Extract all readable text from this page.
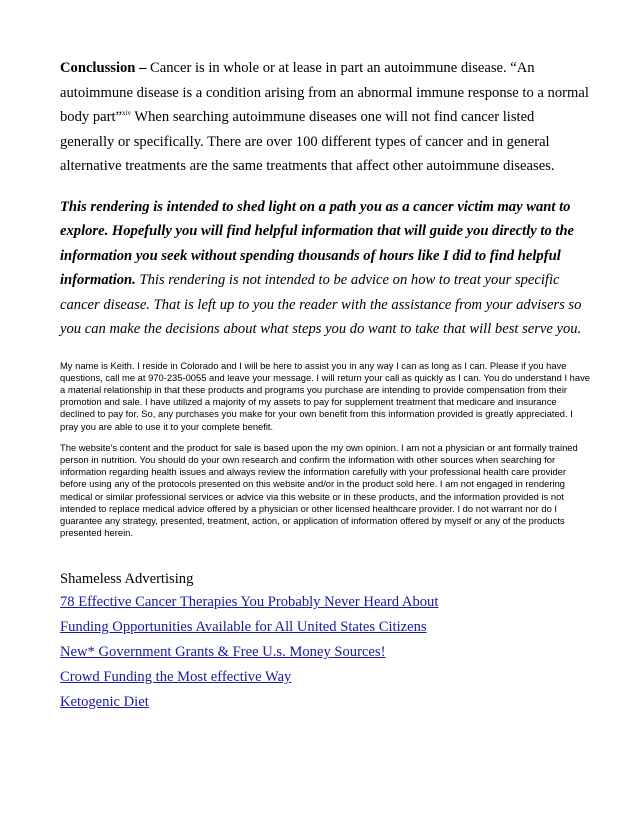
Conclussion – Cancer is in whole or at lease in part an autoimmune disease. “An autoimmune disease is a condition arising from an abnormal immune response to a normal body part”$^{xiv}$ When searching autoimmune diseases one will not find cancer listed generally or specifically. There are over 100 different types of cancer and in general alternative treatments are the same treatments that affect other autoimmune diseases.

This rendering is intended to shed light on a path you as a cancer victim may want to explore. Hopefully you will find helpful information that will guide you directly to the information you seek without spending thousands of hours like I did to find helpful information. This rendering is not intended to be advice on how to treat your specific cancer disease. That is left up to you the reader with the assistance from your advisers so you can make the decisions about what steps you do want to take that will best serve you.

My name is Keith. I reside in Colorado and I will be here to assist you in any way I can as long as I can. Please if you have questions, call me at 970-235-0055 and leave your message. I will return your call as quickly as I can. You do understand I have a material relationship in that these products and programs you purchase are intending to provide compensation from their promotion and sale. I have utilized a majority of my assets to pay for supplement treatment that medicare and insurance declined to pay for. So, any purchases you make for your own benefit from this information provided is greatly appreciated. I pray you are able to use it to your complete benefit.

The website's content and the product for sale is based upon the my own opinion. I am not a physician or ant formally trained person in nutrition. You should do your own research and confirm the information with other sources when searching for information regarding health issues and always review the information carefully with your professional health care provider before using any of the protocols presented on this website and/or in the product sold here. I am not engaged in rendering medical or similar professional services or advice via this website or in these products, and the information provided is not intended to replace medical advice offered by a physician or other licensed healthcare provider. I do not warrant nor do I guarantee any strategy, presented, treatment, action, or application of information offered by myself or any of the products presented herein.

Shameless Advertising

78 Effective Cancer Therapies You Probably Never Heard About
Funding Opportunities Available for All United States Citizens
New* Government Grants & Free U.s. Money Sources!
Crowd Funding the Most effective Way
Ketogenic Diet
